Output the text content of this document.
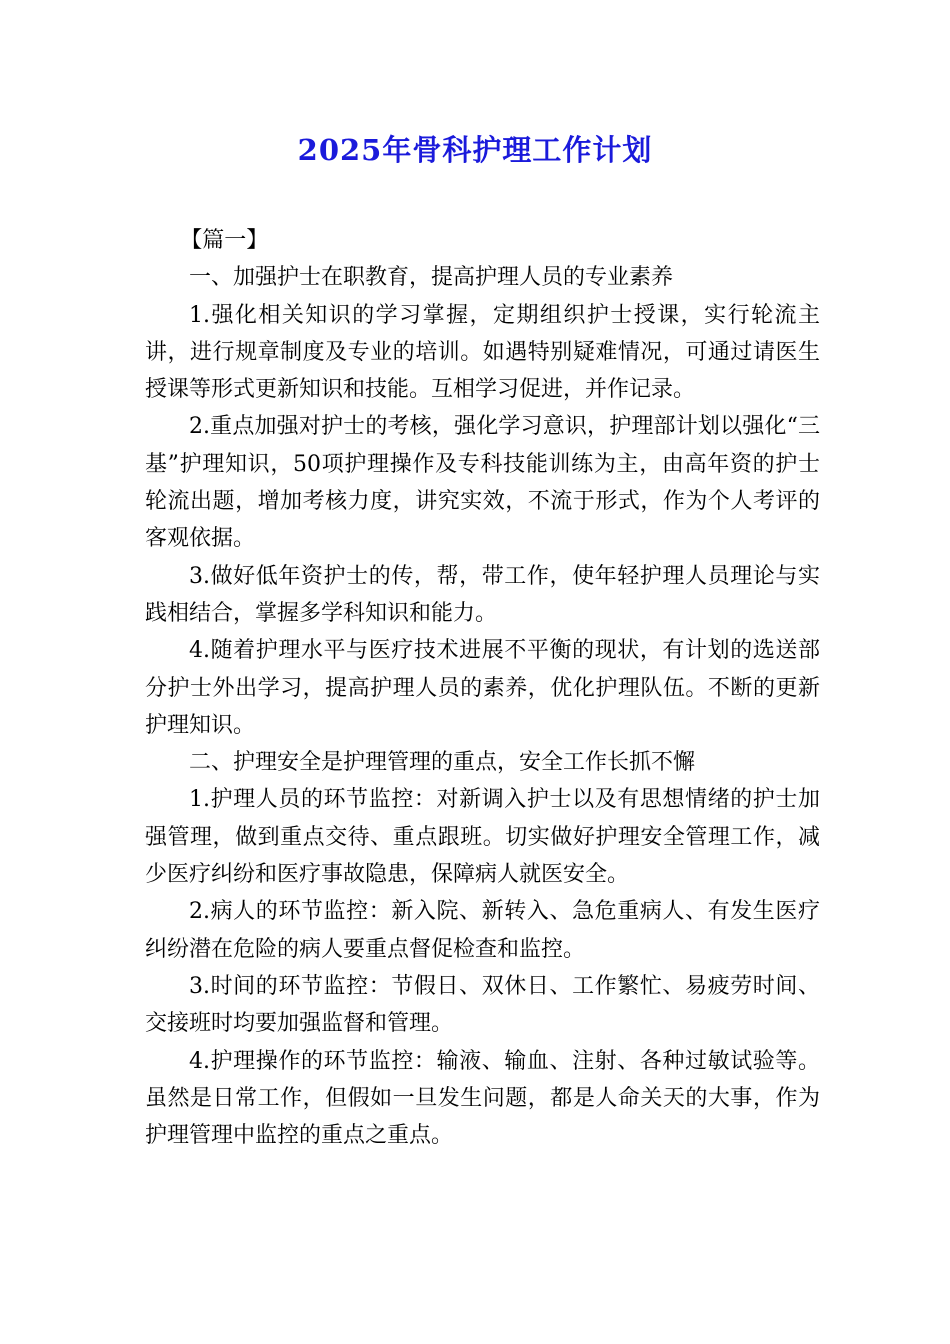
2025年骨科护理工作计划

【篇一】

一、加强护士在职教育，提高护理人员的专业素养

1.强化相关知识的学习掌握，定期组织护士授课，实行轮流主讲，进行规章制度及专业的培训。如遇特别疑难情况，可通过请医生授课等形式更新知识和技能。互相学习促进，并作记录。

2.重点加强对护士的考核，强化学习意识，护理部计划以强化“三基”护理知识，50项护理操作及专科技能训练为主，由高年资的护士轮流出题，增加考核力度，讲究实效，不流于形式，作为个人考评的客观依据。

3.做好低年资护士的传，帮，带工作，使年轻护理人员理论与实践相结合，掌握多学科知识和能力。

4.随着护理水平与医疗技术进展不平衡的现状，有计划的选送部分护士外出学习，提高护理人员的素养，优化护理队伍。不断的更新护理知识。

二、护理安全是护理管理的重点，安全工作长抓不懈

1.护理人员的环节监控：对新调入护士以及有思想情绪的护士加强管理，做到重点交待、重点跟班。切实做好护理安全管理工作，减少医疗纠纷和医疗事故隐患，保障病人就医安全。

2.病人的环节监控：新入院、新转入、急危重病人、有发生医疗纠纷潜在危险的病人要重点督促检查和监控。

3.时间的环节监控：节假日、双休日、工作繁忙、易疲劳时间、交接班时均要加强监督和管理。

4.护理操作的环节监控：输液、输血、注射、各种过敏试验等。虽然是日常工作，但假如一旦发生问题，都是人命关天的大事，作为护理管理中监控的重点之重点。
